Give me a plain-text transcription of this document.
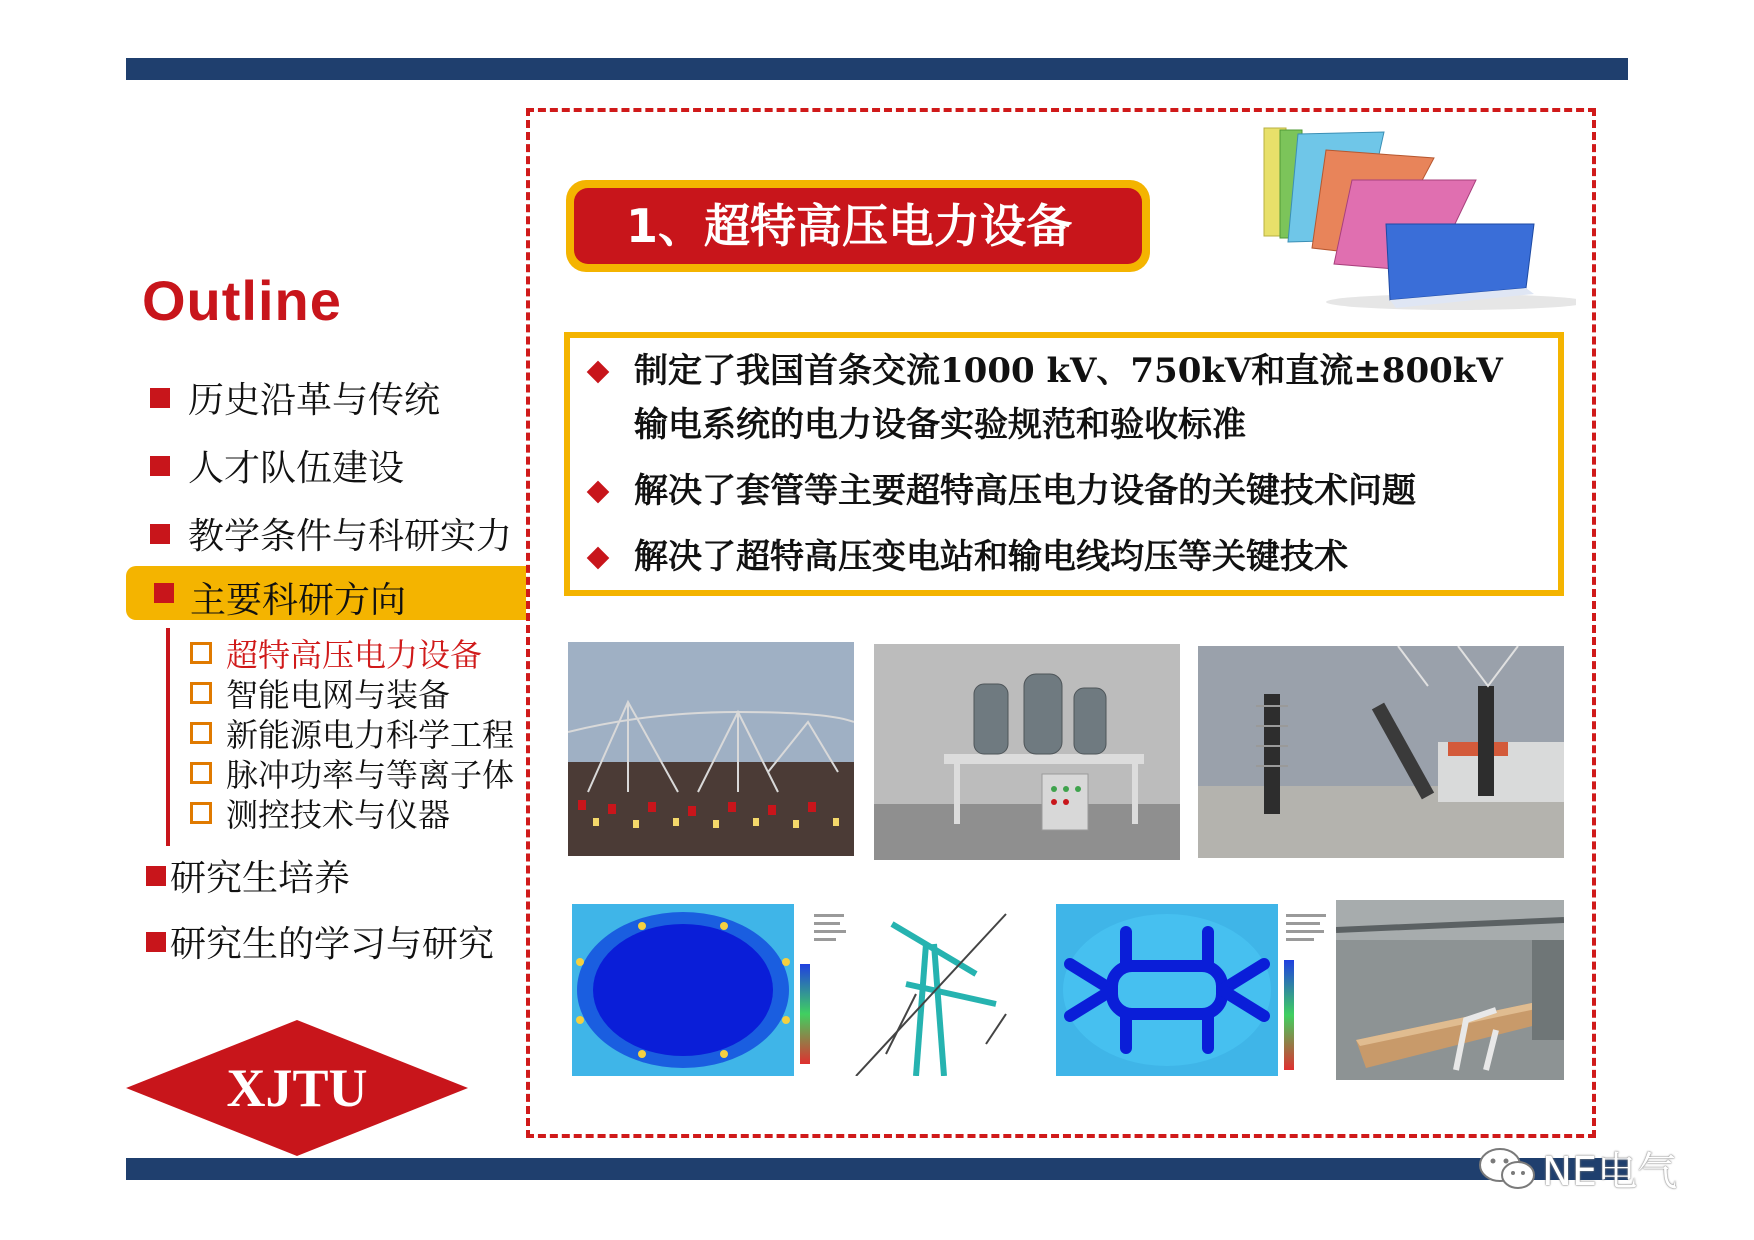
Outline
历史沿革与传统
人才队伍建设
教学条件与科研实力
主要科研方向
超特高压电力设备
智能电网与装备
新能源电力科学工程
脉冲功率与等离子体
测控技术与仪器
研究生培养
研究生的学习与研究
XJTU
1、超特高压电力设备
制定了我国首条交流1000 kV、750kV和直流±800kV输电系统的电力设备实验规范和验收标准
解决了套管等主要超特高压电力设备的关键技术问题
解决了超特高压变电站和输电线均压等关键技术
NE电气
